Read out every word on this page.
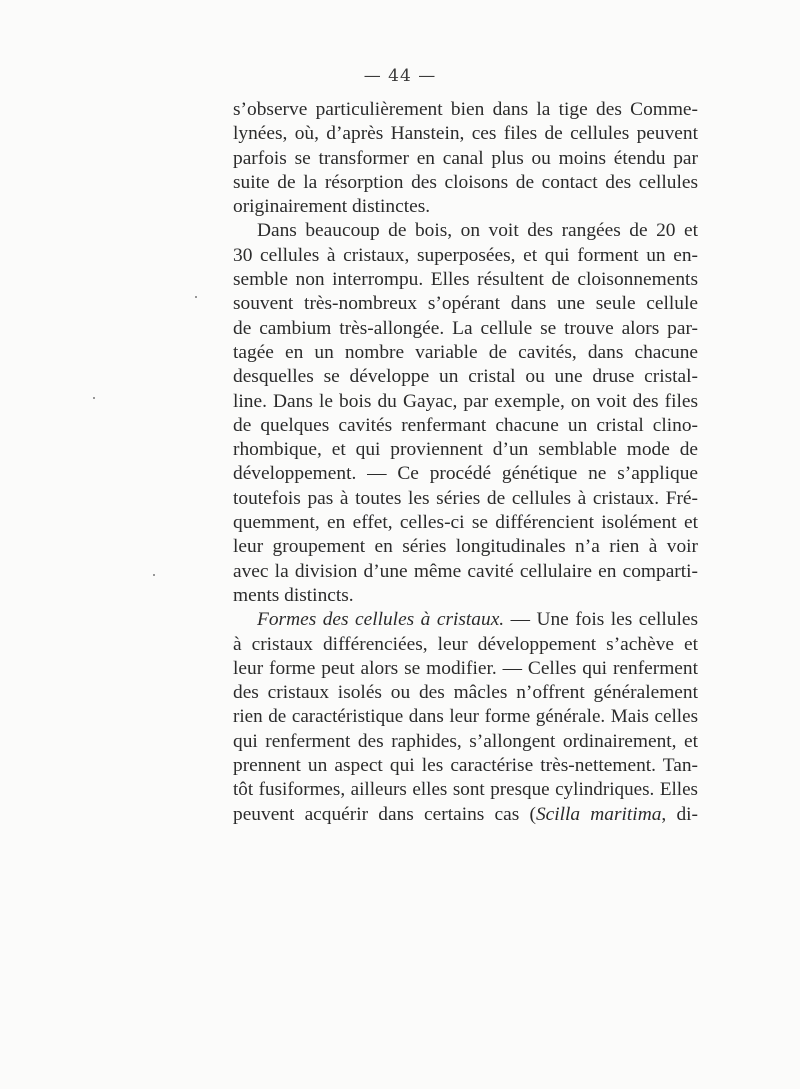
— 44 —
s’observe particulièrement bien dans la tige des Comme-
lynées, où, d’après Hanstein, ces files de cellules peuvent
parfois se transformer en canal plus ou moins étendu par
suite de la résorption des cloisons de contact des cellules
originairement distinctes.
Dans beaucoup de bois, on voit des rangées de 20 et
30 cellules à cristaux, superposées, et qui forment un en-
semble non interrompu. Elles résultent de cloisonnements
souvent très-nombreux s’opérant dans une seule cellule
de cambium très-allongée. La cellule se trouve alors par-
tagée en un nombre variable de cavités, dans chacune
desquelles se développe un cristal ou une druse cristal-
line. Dans le bois du Gayac, par exemple, on voit des files
de quelques cavités renfermant chacune un cristal clino-
rhombique, et qui proviennent d’un semblable mode de
développement. — Ce procédé génétique ne s’applique
toutefois pas à toutes les séries de cellules à cristaux. Fré-
quemment, en effet, celles-ci se différencient isolément et
leur groupement en séries longitudinales n’a rien à voir
avec la division d’une même cavité cellulaire en comparti-
ments distincts.
Formes des cellules à cristaux. — Une fois les cellules
à cristaux différenciées, leur développement s’achève et
leur forme peut alors se modifier. — Celles qui renferment
des cristaux isolés ou des mâcles n’offrent généralement
rien de caractéristique dans leur forme générale. Mais celles
qui renferment des raphides, s’allongent ordinairement, et
prennent un aspect qui les caractérise très-nettement. Tan-
tôt fusiformes, ailleurs elles sont presque cylindriques. Elles
peuvent acquérir dans certains cas (Scilla maritima, di-
